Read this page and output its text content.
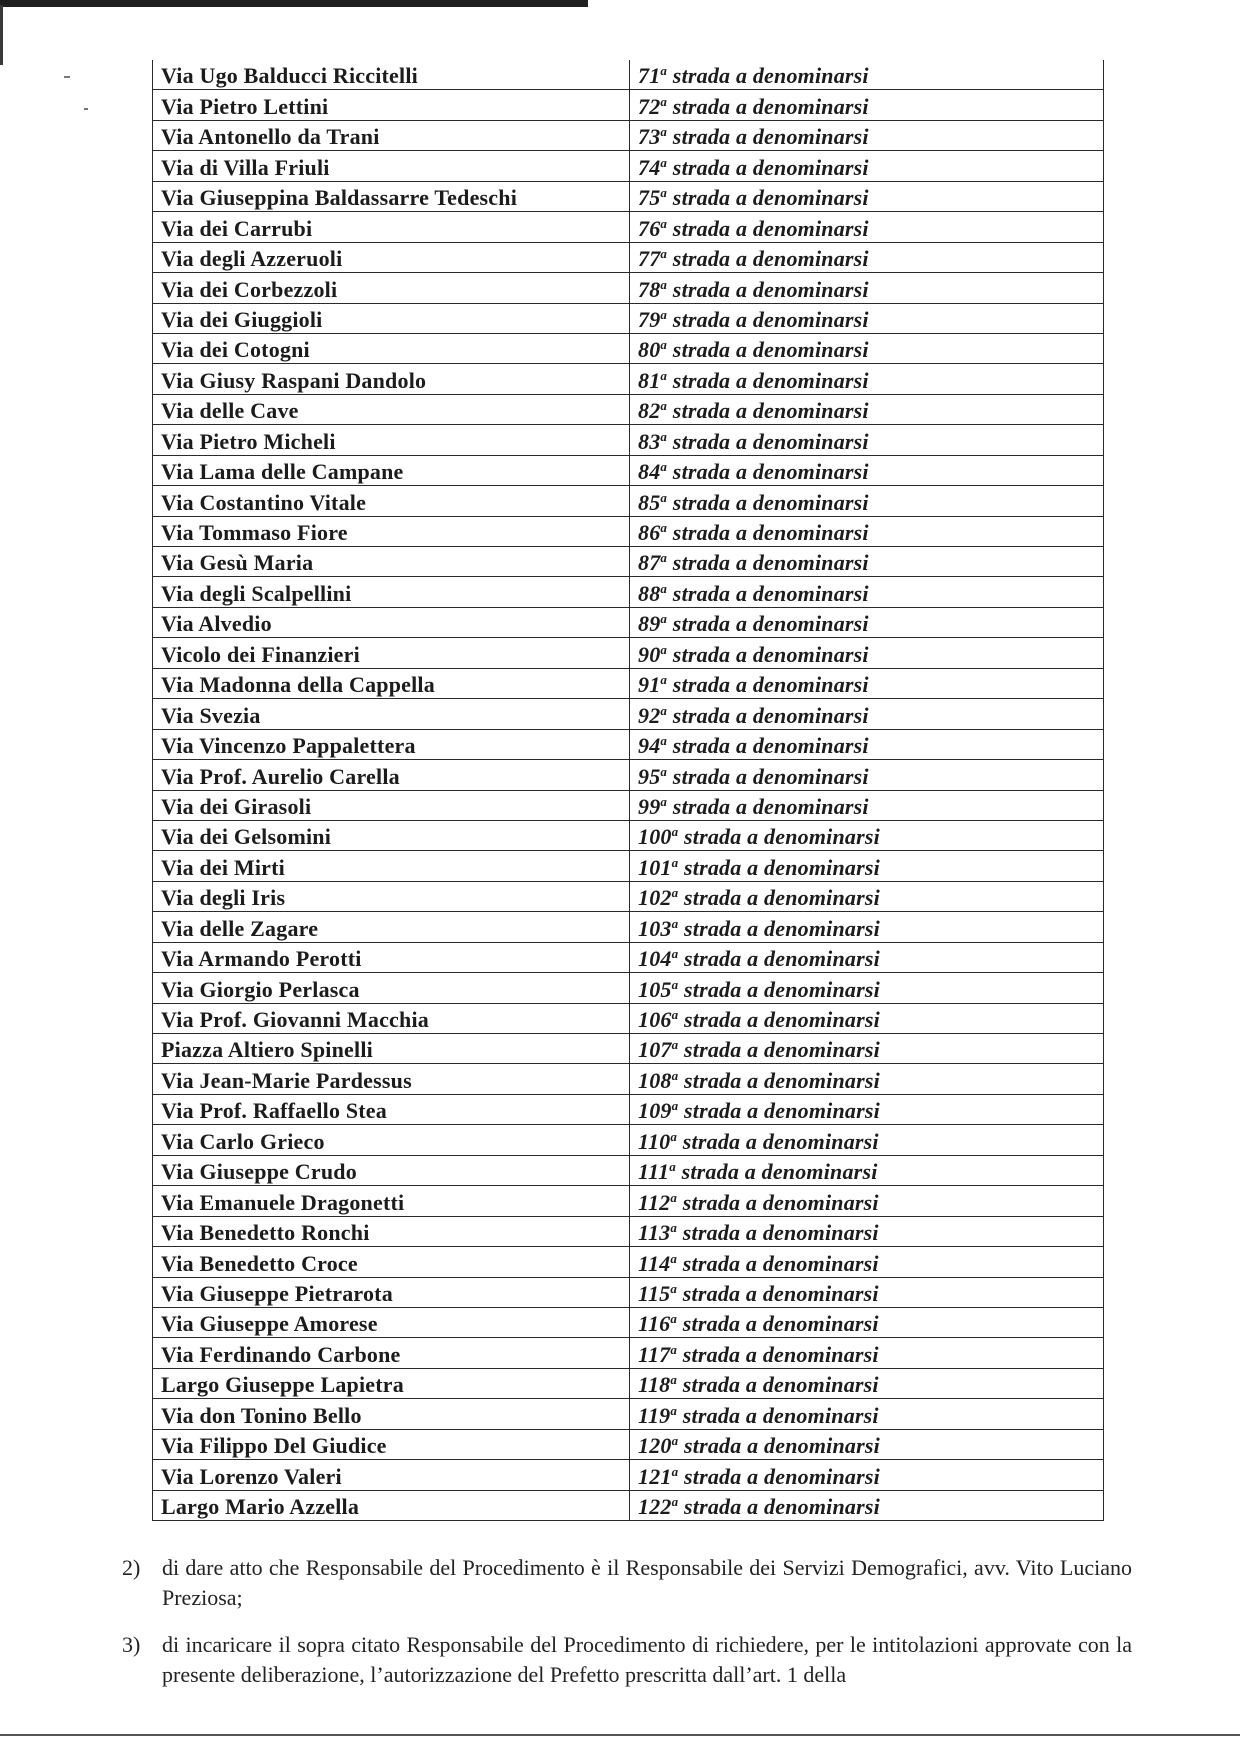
Via Ugo Balducci Riccitelli	71$^a$ strada a denominarsi
Via Pietro Lettini	72$^a$ strada a denominarsi
Via Antonello da Trani	73$^a$ strada a denominarsi
Via di Villa Friuli	74$^a$ strada a denominarsi
Via Giuseppina Baldassarre Tedeschi	75$^a$ strada a denominarsi
Via dei Carrubi	76$^a$ strada a denominarsi
Via degli Azzeruoli	77$^a$ strada a denominarsi
Via dei Corbezzoli	78$^a$ strada a denominarsi
Via dei Giuggioli	79$^a$ strada a denominarsi
Via dei Cotogni	80$^a$ strada a denominarsi
Via Giusy Raspani Dandolo	81$^a$ strada a denominarsi
Via delle Cave	82$^a$ strada a denominarsi
Via Pietro Micheli	83$^a$ strada a denominarsi
Via Lama delle Campane	84$^a$ strada a denominarsi
Via Costantino Vitale	85$^a$ strada a denominarsi
Via Tommaso Fiore	86$^a$ strada a denominarsi
Via Gesù Maria	87$^a$ strada a denominarsi
Via degli Scalpellini	88$^a$ strada a denominarsi
Via Alvedio	89$^a$ strada a denominarsi
Vicolo dei Finanzieri	90$^a$ strada a denominarsi
Via Madonna della Cappella	91$^a$ strada a denominarsi
Via Svezia	92$^a$ strada a denominarsi
Via Vincenzo Pappalettera	94$^a$ strada a denominarsi
Via Prof. Aurelio Carella	95$^a$ strada a denominarsi
Via dei Girasoli	99$^a$ strada a denominarsi
Via dei Gelsomini	100$^a$ strada a denominarsi
Via dei Mirti	101$^a$ strada a denominarsi
Via degli Iris	102$^a$ strada a denominarsi
Via delle Zagare	103$^a$ strada a denominarsi
Via Armando Perotti	104$^a$ strada a denominarsi
Via Giorgio Perlasca	105$^a$ strada a denominarsi
Via Prof. Giovanni Macchia	106$^a$ strada a denominarsi
Piazza Altiero Spinelli	107$^a$ strada a denominarsi
Via Jean-Marie Pardessus	108$^a$ strada a denominarsi
Via Prof. Raffaello Stea	109$^a$ strada a denominarsi
Via Carlo Grieco	110$^a$ strada a denominarsi
Via Giuseppe Crudo	111$^a$ strada a denominarsi
Via Emanuele Dragonetti	112$^a$ strada a denominarsi
Via Benedetto Ronchi	113$^a$ strada a denominarsi
Via Benedetto Croce	114$^a$ strada a denominarsi
Via Giuseppe Pietrarota	115$^a$ strada a denominarsi
Via Giuseppe Amorese	116$^a$ strada a denominarsi
Via Ferdinando Carbone	117$^a$ strada a denominarsi
Largo Giuseppe Lapietra	118$^a$ strada a denominarsi
Via don Tonino Bello	119$^a$ strada a denominarsi
Via Filippo Del Giudice	120$^a$ strada a denominarsi
Via Lorenzo Valeri	121$^a$ strada a denominarsi
Largo Mario Azzella	122$^a$ strada a denominarsi
2) di dare atto che Responsabile del Procedimento è il Responsabile dei Servizi Demografici, avv. Vito Luciano Preziosa;
3) di incaricare il sopra citato Responsabile del Procedimento di richiedere, per le intitolazioni approvate con la presente deliberazione, l’autorizzazione del Prefetto prescritta dall’art. 1 della
